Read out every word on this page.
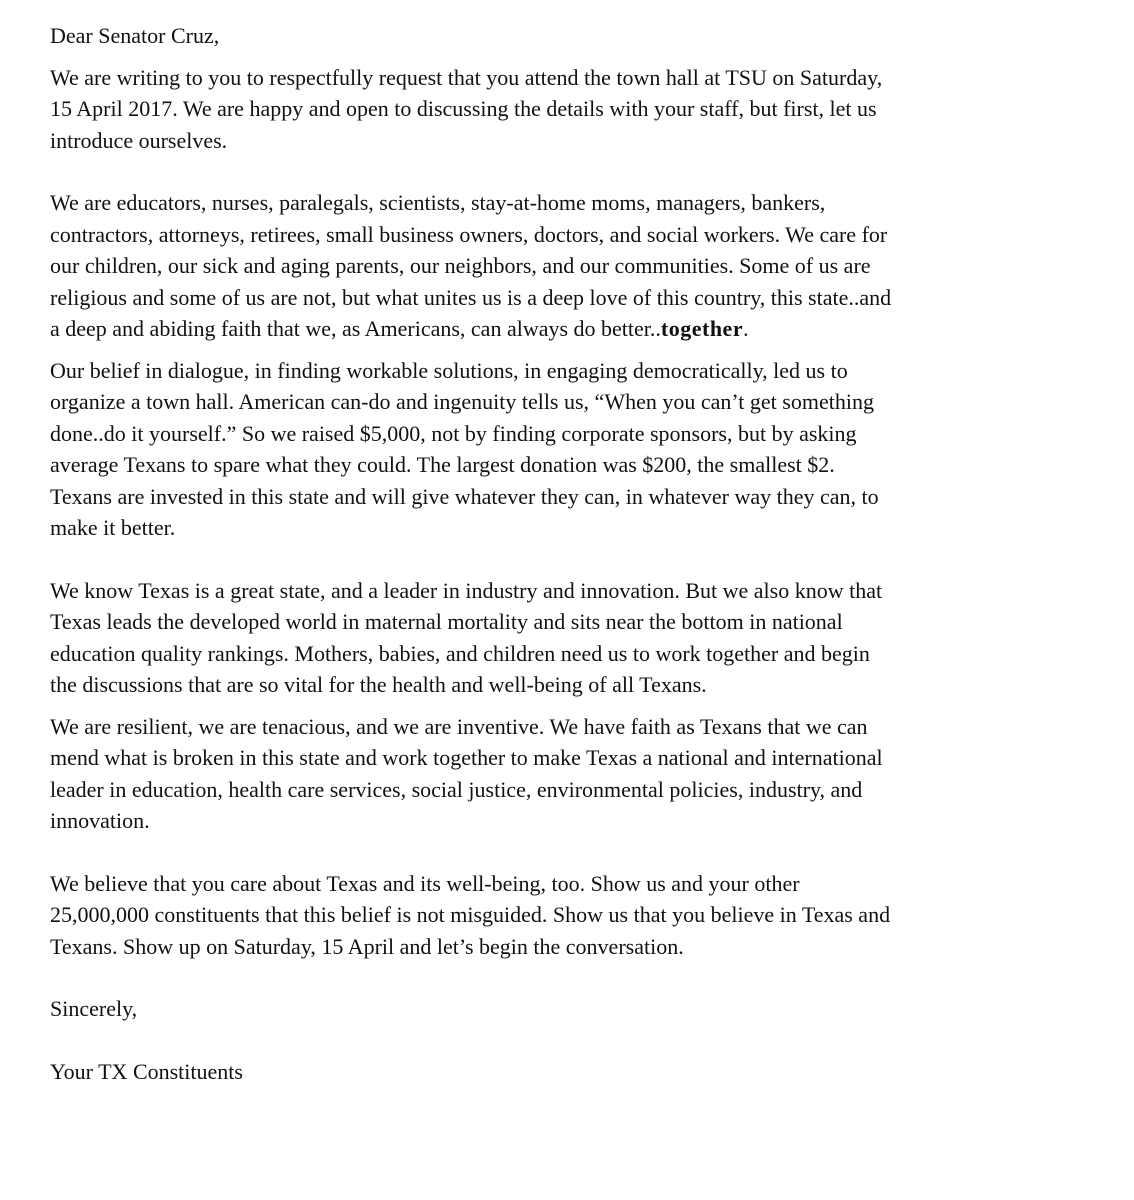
Dear Senator Cruz,

We are writing to you to respectfully request that you attend the town hall at TSU on Saturday,
15 April 2017. We are happy and open to discussing the details with your staff, but first, let us
introduce ourselves.

We are educators, nurses, paralegals, scientists, stay-at-home moms, managers, bankers,
contractors, attorneys, retirees, small business owners, doctors, and social workers. We care for
our children, our sick and aging parents, our neighbors, and our communities. Some of us are
religious and some of us are not, but what unites us is a deep love of this country, this state..and
a deep and abiding faith that we, as Americans, can always do better..together.

Our belief in dialogue, in finding workable solutions, in engaging democratically, led us to
organize a town hall. American can-do and ingenuity tells us, “When you can’t get something
done..do it yourself.” So we raised $5,000, not by finding corporate sponsors, but by asking
average Texans to spare what they could. The largest donation was $200, the smallest $2.
Texans are invested in this state and will give whatever they can, in whatever way they can, to
make it better.

We know Texas is a great state, and a leader in industry and innovation. But we also know that
Texas leads the developed world in maternal mortality and sits near the bottom in national
education quality rankings. Mothers, babies, and children need us to work together and begin
the discussions that are so vital for the health and well-being of all Texans.

We are resilient, we are tenacious, and we are inventive. We have faith as Texans that we can
mend what is broken in this state and work together to make Texas a national and international
leader in education, health care services, social justice, environmental policies, industry, and
innovation.

We believe that you care about Texas and its well-being, too. Show us and your other
25,000,000 constituents that this belief is not misguided. Show us that you believe in Texas and
Texans. Show up on Saturday, 15 April and let’s begin the conversation.

Sincerely,

Your TX Constituents
